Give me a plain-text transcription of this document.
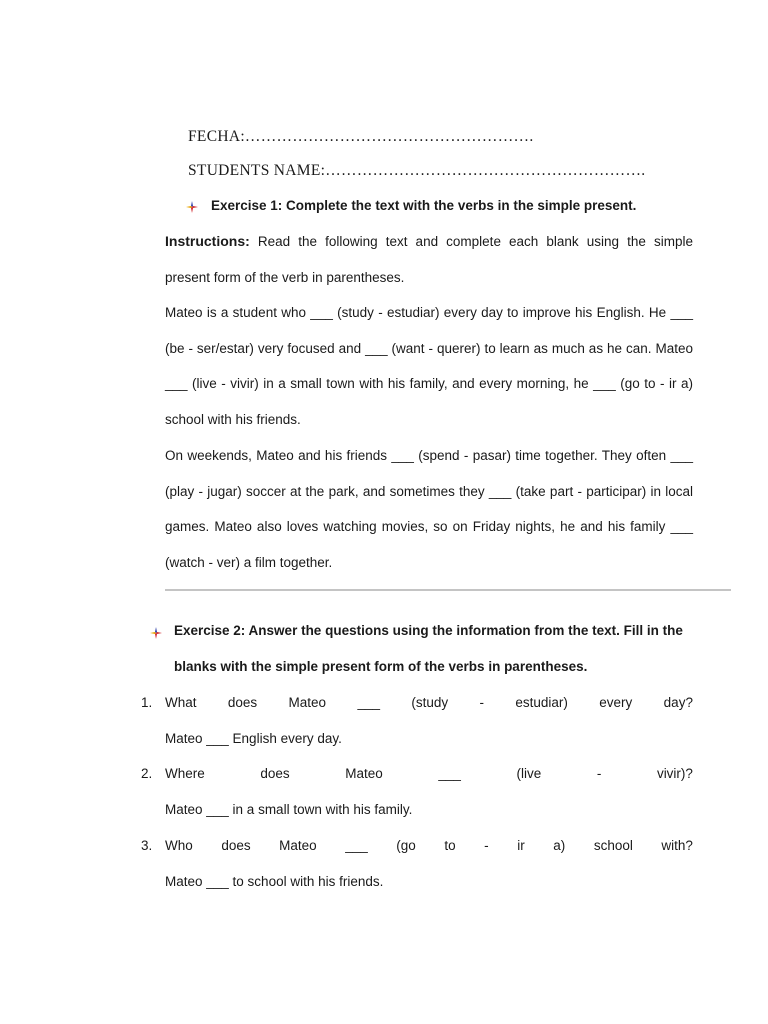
FECHA:……………………………………………….
STUDENTS NAME:…………………………………………………….
Exercise 1: Complete the text with the verbs in the simple present.
Instructions: Read the following text and complete each blank using the simple present form of the verb in parentheses.
Mateo is a student who ___ (study - estudiar) every day to improve his English. He ___ (be - ser/estar) very focused and ___ (want - querer) to learn as much as he can. Mateo ___ (live - vivir) in a small town with his family, and every morning, he ___ (go to - ir a) school with his friends.
On weekends, Mateo and his friends ___ (spend - pasar) time together. They often ___ (play - jugar) soccer at the park, and sometimes they ___ (take part - participar) in local games. Mateo also loves watching movies, so on Friday nights, he and his family ___ (watch - ver) a film together.
Exercise 2: Answer the questions using the information from the text. Fill in the
blanks with the simple present form of the verbs in parentheses.
1. What does Mateo ___ (study - estudiar) every day?
Mateo ___ English every day.
2. Where	does	Mateo	___	(live	-	vivir)?
Mateo ___ in a small town with his family.
3. Who does Mateo ___ (go to - ir a) school with?
Mateo ___ to school with his friends.
